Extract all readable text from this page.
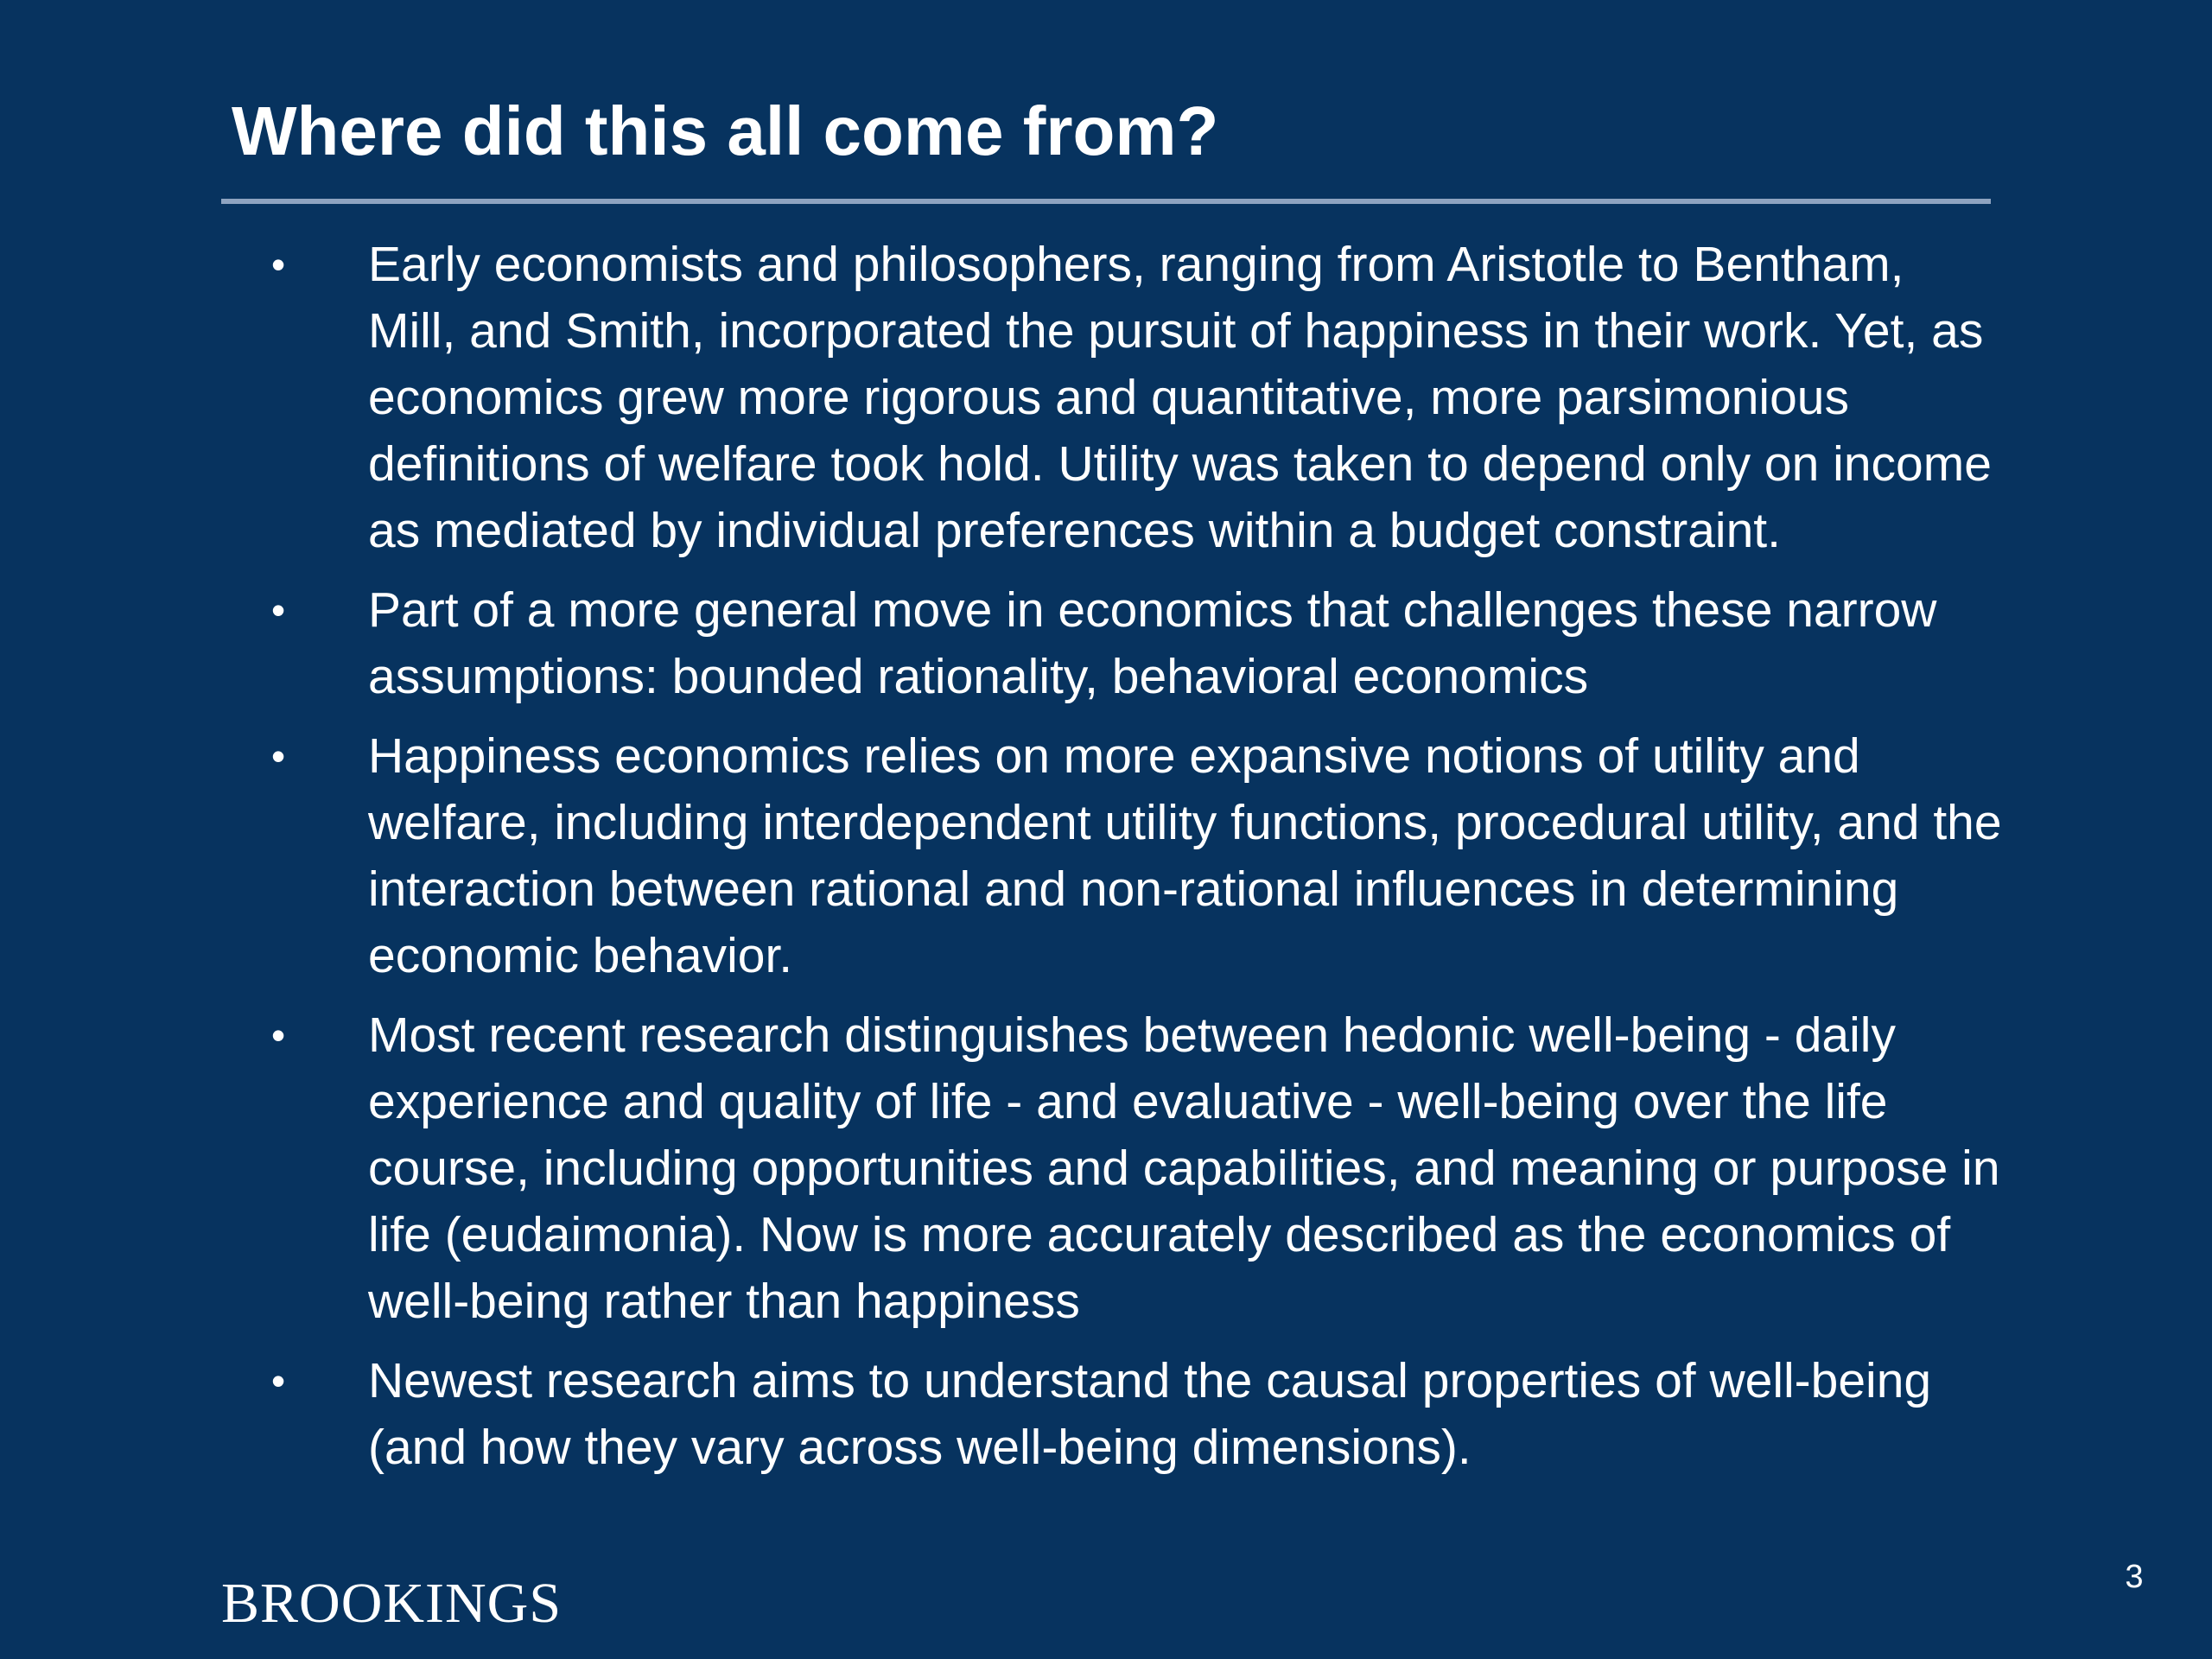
Where did this all come from?
• Early economists and philosophers, ranging from Aristotle to Bentham, Mill, and Smith, incorporated the pursuit of happiness in their work. Yet, as economics grew more rigorous and quantitative, more parsimonious definitions of welfare took hold. Utility was taken to depend only on income as mediated by individual preferences within a budget constraint.
• Part of a more general move in economics that challenges these narrow assumptions: bounded rationality, behavioral economics
• Happiness economics relies on more expansive notions of utility and welfare, including interdependent utility functions, procedural utility, and the interaction between rational and non-rational influences in determining economic behavior.
• Most recent research distinguishes between hedonic well-being - daily experience and quality of life - and evaluative - well-being over the life course, including opportunities and capabilities, and meaning or purpose in life (eudaimonia). Now is more accurately described as the economics of well-being rather than happiness
• Newest research aims to understand the causal properties of well-being (and how they vary across well-being dimensions).
BROOKINGS	3
